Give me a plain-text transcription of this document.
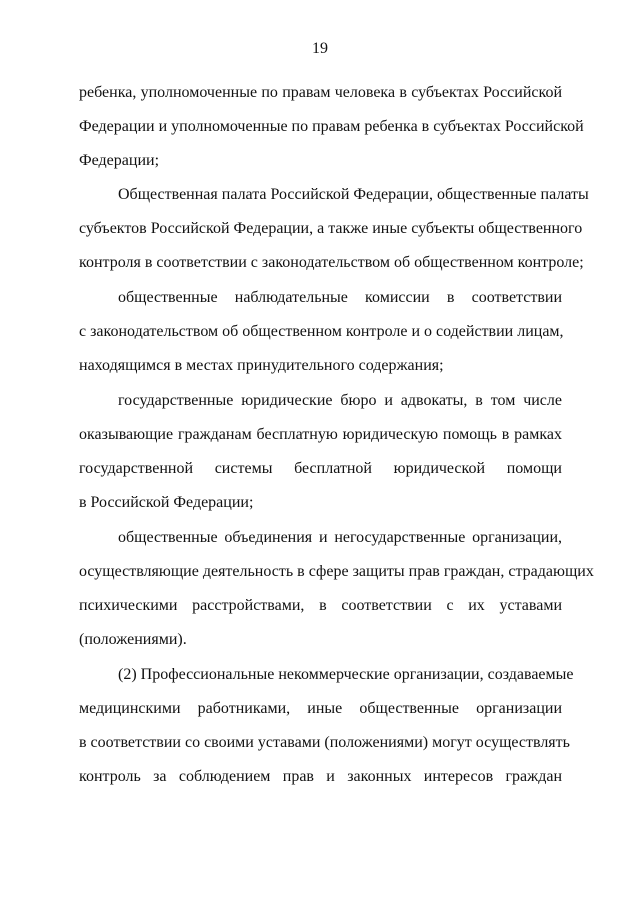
19
ребенка, уполномоченные по правам человека в субъектах Российской
Федерации и уполномоченные по правам ребенка в субъектах Российской
Федерации;
Общественная палата Российской Федерации, общественные палаты
субъектов Российской Федерации, а также иные субъекты общественного
контроля в соответствии с законодательством об общественном контроле;
общественные наблюдательные комиссии в соответствии
с законодательством об общественном контроле и о содействии лицам,
находящимся в местах принудительного содержания;
государственные юридические бюро и адвокаты, в том числе
оказывающие гражданам бесплатную юридическую помощь в рамках
государственной системы бесплатной юридической помощи
в Российской Федерации;
общественные объединения и негосударственные организации,
осуществляющие деятельность в сфере защиты прав граждан, страдающих
психическими расстройствами, в соответствии с их уставами
(положениями).
(2) Профессиональные некоммерческие организации, создаваемые
медицинскими работниками, иные общественные организации
в соответствии со своими уставами (положениями) могут осуществлять
контроль за соблюдением прав и законных интересов граждан
